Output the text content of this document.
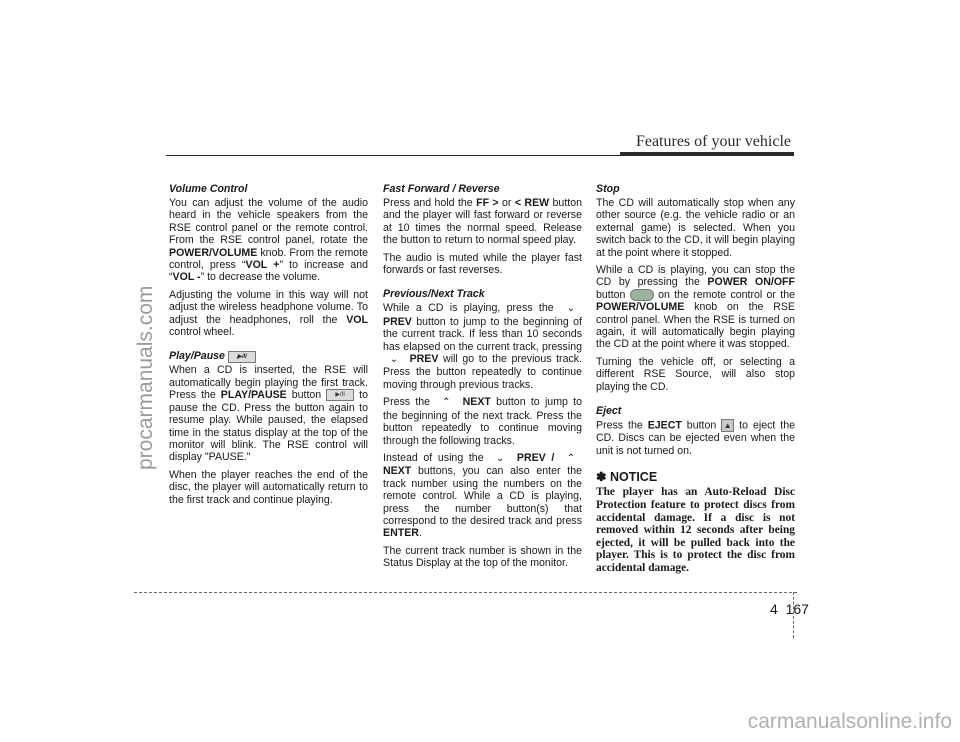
procarmanuals.com
Features of your vehicle
Volume Control

You can adjust the volume of the audio heard in the vehicle speakers from the RSE control panel or the remote control. From the RSE control panel, rotate the POWER/VOLUME knob. From the remote control, press “VOL +” to increase and “VOL -” to decrease the volume.

Adjusting the volume in this way will not adjust the wireless headphone volume. To adjust the headphones, roll the VOL control wheel.

Play/Pause ▶/II

When a CD is inserted, the RSE will automatically begin playing the first track. Press the PLAY/PAUSE button ▶/II to pause the CD. Press the button again to resume play. While paused, the elapsed time in the status display at the top of the monitor will blink. The RSE control will display "PAUSE."

When the player reaches the end of the disc, the player will automatically return to the first track and continue playing.

Fast Forward / Reverse

Press and hold the FF > or < REW button and the player will fast forward or reverse at 10 times the normal speed. Release the button to return to normal speed play.

The audio is muted while the player fast forwards or fast reverses.

Previous/Next Track

While a CD is playing, press the ⌄PREV button to jump to the beginning of the current track. If less than 10 seconds has elapsed on the current track, pressing ⌄ PREV will go to the previous track. Press the button repeatedly to continue moving through previous tracks.

Press the ⌃ NEXT button to jump to the beginning of the next track. Press the button repeatedly to continue moving through the following tracks.

Instead of using the ⌄ PREV / ⌃NEXT buttons, you can also enter the track number using the numbers on the remote control. While a CD is playing, press the number button(s) that correspond to the desired track and press ENTER.

The current track number is shown in the Status Display at the top of the monitor.

Stop

The CD will automatically stop when any other source (e.g. the vehicle radio or an external game) is selected. When you switch back to the CD, it will begin playing at the point where it stopped.

While a CD is playing, you can stop the CD by pressing the POWER ON/OFF button  on the remote control or the POWER/VOLUME knob on the RSE control panel. When the RSE is turned on again, it will automatically begin playing the CD at the point where it was stopped.

Turning the vehicle off, or selecting a different RSE Source, will also stop playing the CD.

Eject

Press the EJECT button ▲ to eject the CD. Discs can be ejected even when the unit is not turned on.

✽ NOTICE
The player has an Auto-Reload Disc Protection feature to protect discs from accidental damage. If a disc is not removed within 12 seconds after being ejected, it will be pulled back into the player. This is to protect the disc from accidental damage.
4 167
carmanualsonline.info
